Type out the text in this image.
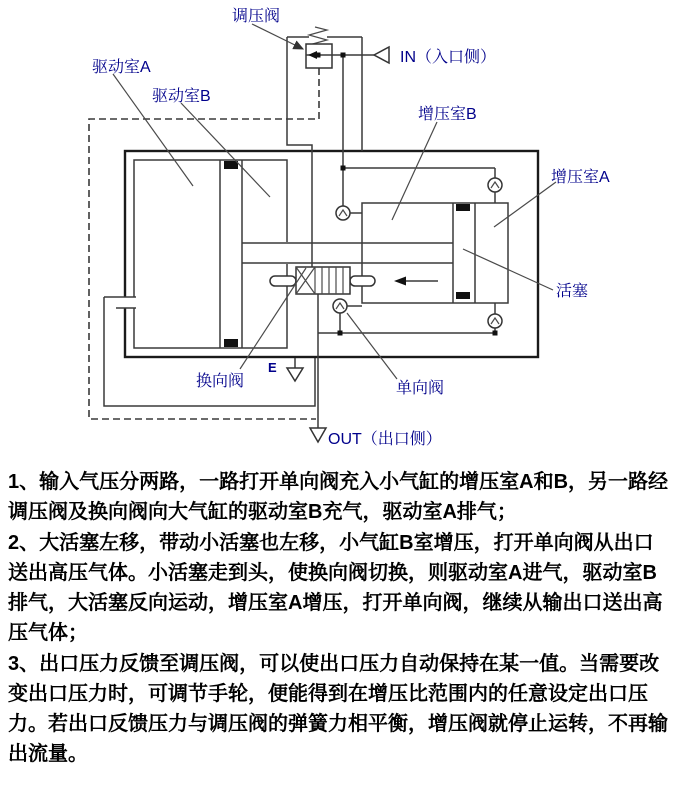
调压阀
IN（入口侧）
驱动室A
驱动室B
增压室B
增压室A
活塞
换向阀	单向阀
E
OUT（出口侧）

1、输入气压分两路，一路打开单向阀充入小气缸的增压室A和B，另一路经调压阀及换向阀向大气缸的驱动室B充气，驱动室A排气；

2、大活塞左移，带动小活塞也左移，小气缸B室增压，打开单向阀从出口送出高压气体。小活塞走到头，使换向阀切换，则驱动室A进气，驱动室B排气，大活塞反向运动，增压室A增压，打开单向阀，继续从输出口送出高压气体；

3、出口压力反馈至调压阀，可以使出口压力自动保持在某一值。当需要改变出口压力时，可调节手轮，便能得到在增压比范围内的任意设定出口压力。若出口反馈压力与调压阀的弹簧力相平衡，增压阀就停止运转，不再输出流量。
